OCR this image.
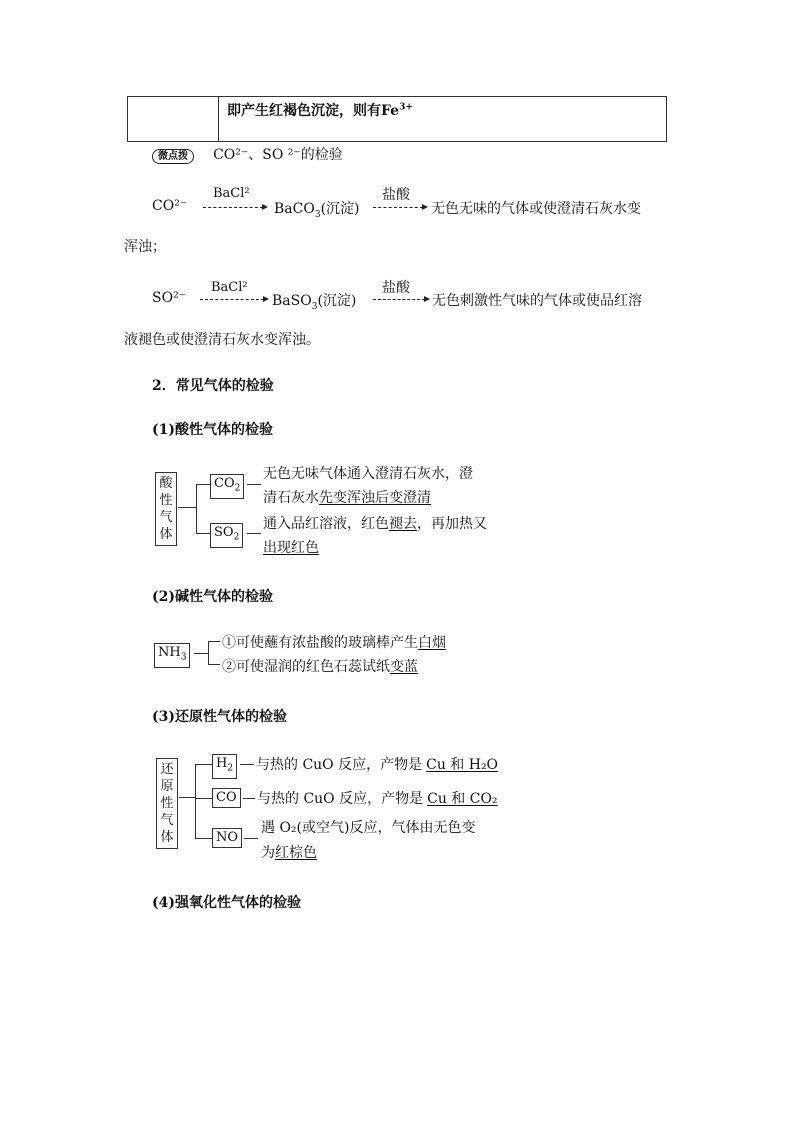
即产生红褐色沉淀，则有$Fe^{3+}$
微点拨 CO²⁻、SO ²⁻的检验
CO²⁻
BaCl²
BaCO$_3$(沉淀)
盐酸
无色无味的气体或使澄清石灰水变
浑浊；
SO²⁻
BaCl²
BaSO$_3$(沉淀)
盐酸
无色刺激性气味的气体或使品红溶
液褪色或使澄清石灰水变浑浊。
2．常见气体的检验
(1)酸性气体的检验
酸
性
气
体
$CO_2$
无色无味气体通入澄清石灰水，澄
清石灰水先变浑浊后变澄清
$SO_2$
通入品红溶液，红色褪去，再加热又
出现红色
(2)碱性气体的检验
$NH_3$
①可使蘸有浓盐酸的玻璃棒产生白烟
②可使湿润的红色石蕊试纸变蓝
(3)还原性气体的检验
还
原
性
气
体
$H_2$ 与热的 CuO 反应，产物是 Cu 和 H₂O
CO 与热的 CuO 反应，产物是 Cu 和 CO₂
NO
遇 O₂(或空气)反应，气体由无色变
为红棕色
(4)强氧化性气体的检验
